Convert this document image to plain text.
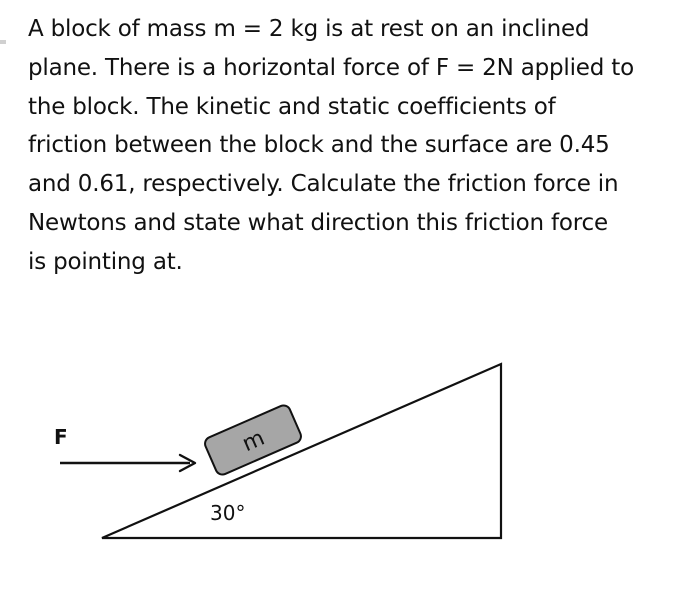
A block of mass m = 2 kg is at rest on an inclined
plane. There is a horizontal force of F = 2N applied to
the block. The kinetic and static coefficients of
friction between the block and the surface are 0.45
and 0.61, respectively. Calculate the friction force in
Newtons and state what direction this friction force
is pointing at.
m
F
30°
